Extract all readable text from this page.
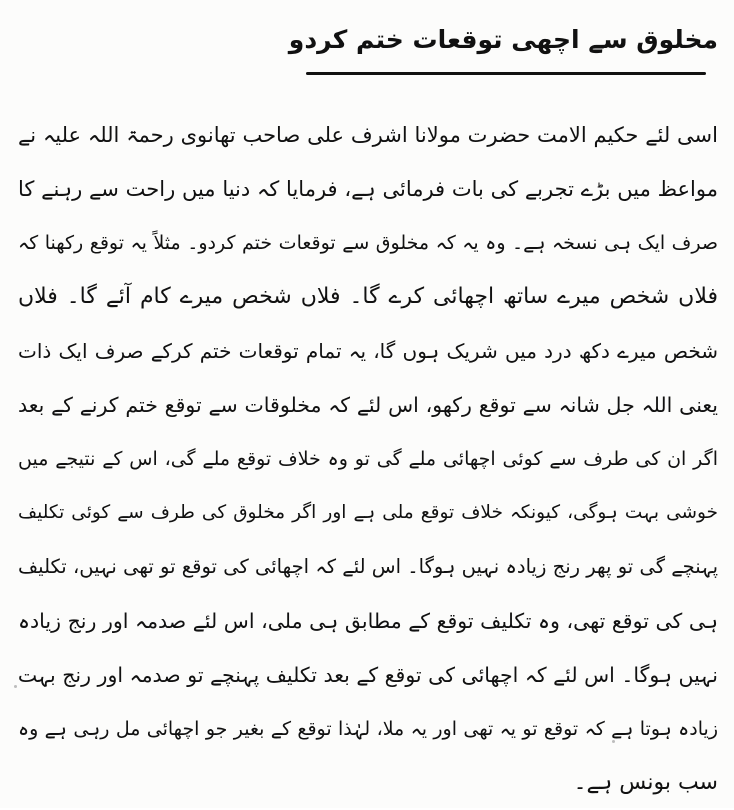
مخلوق سے اچھی توقعات ختم کردو
اسی لئے حکیم الامت حضرت مولانا اشرف علی صاحب تھانوی رحمۃ اللہ علیہ نے
مواعظ میں بڑے تجربے کی بات فرمائی ہے، فرمایا کہ دنیا میں راحت سے رہنے کا
صرف ایک ہی نسخہ ہے۔ وہ یہ کہ مخلوق سے توقعات ختم کردو۔ مثلاً یہ توقع رکھنا کہ
فلاں شخص میرے ساتھ اچھائی کرے گا۔ فلاں شخص میرے کام آئے گا۔ فلاں
شخص میرے دکھ درد میں شریک ہوں گا، یہ تمام توقعات ختم کرکے صرف ایک ذات
یعنی اللہ جل شانہ سے توقع رکھو، اس لئے کہ مخلوقات سے توقع ختم کرنے کے بعد
اگر ان کی طرف سے کوئی اچھائی ملے گی تو وہ خلاف توقع ملے گی، اس کے نتیجے میں
خوشی بہت ہوگی، کیونکہ خلاف توقع ملی ہے اور اگر مخلوق کی طرف سے کوئی تکلیف
پہنچے گی تو پھر رنج زیادہ نہیں ہوگا۔ اس لئے کہ اچھائی کی توقع تو تھی نہیں، تکلیف
ہی کی توقع تھی، وہ تکلیف توقع کے مطابق ہی ملی، اس لئے صدمہ اور رنج زیادہ
نہیں ہوگا۔ اس لئے کہ اچھائی کی توقع کے بعد تکلیف پہنچے تو صدمہ اور رنج بہت
زیادہ ہوتا ہے کہ توقع تو یہ تھی اور یہ ملا، لہٰذا توقع کے بغیر جو اچھائی مل رہی ہے وہ
سب بونس ہے۔
